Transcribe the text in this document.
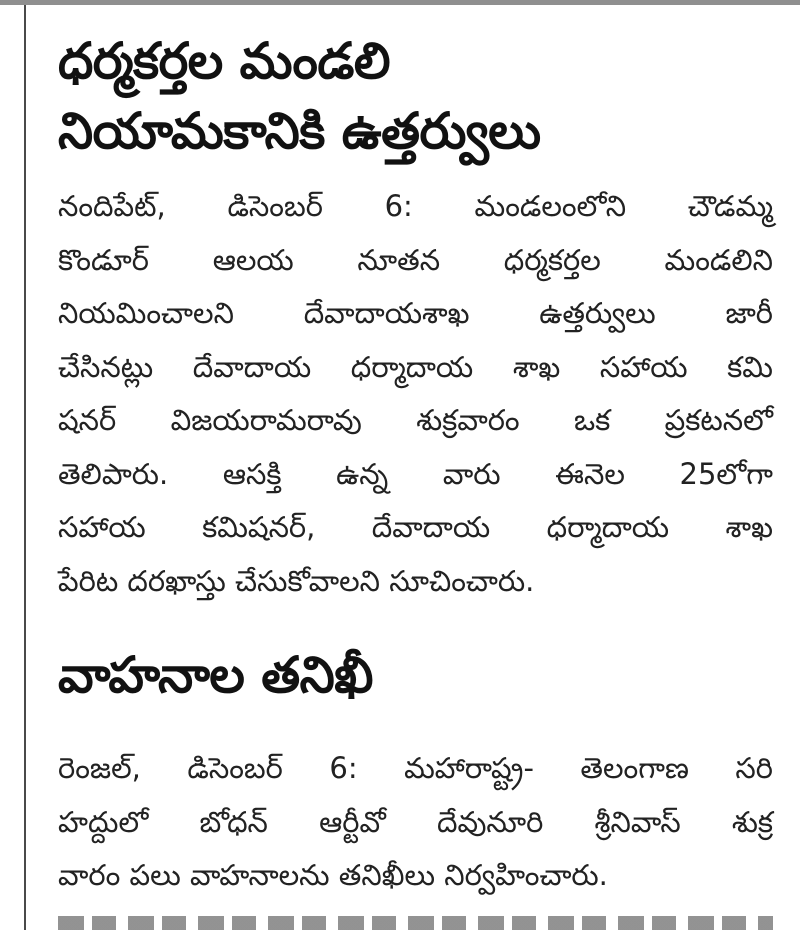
ధర్మకర్తల మండలి
నియామకానికి ఉత్తర్వులు
నందిపేట్, డిసెంబర్ 6: మండలంలోని చౌడమ్మ
కొండూర్ ఆలయ నూతన ధర్మకర్తల మండలిని
నియమించాలని దేవాదాయశాఖ ఉత్తర్వులు జారీ
చేసినట్లు దేవాదాయ ధర్మాదాయ శాఖ సహాయ కమి
షనర్ విజయరామరావు శుక్రవారం ఒక ప్రకటనలో
తెలిపారు. ఆసక్తి ఉన్న వారు ఈనెల 25లోగా
సహాయ కమిషనర్, దేవాదాయ ధర్మాదాయ శాఖ
పేరిట దరఖాస్తు చేసుకోవాలని సూచించారు.
వాహనాల తనిఖీ
రెంజల్, డిసెంబర్ 6: మహారాష్ట్ర- తెలంగాణ సరి
హద్దులో బోధన్ ఆర్టీవో దేవునూరి శ్రీనివాస్ శుక్ర
వారం పలు వాహనాలను తనిఖీలు నిర్వహించారు.
